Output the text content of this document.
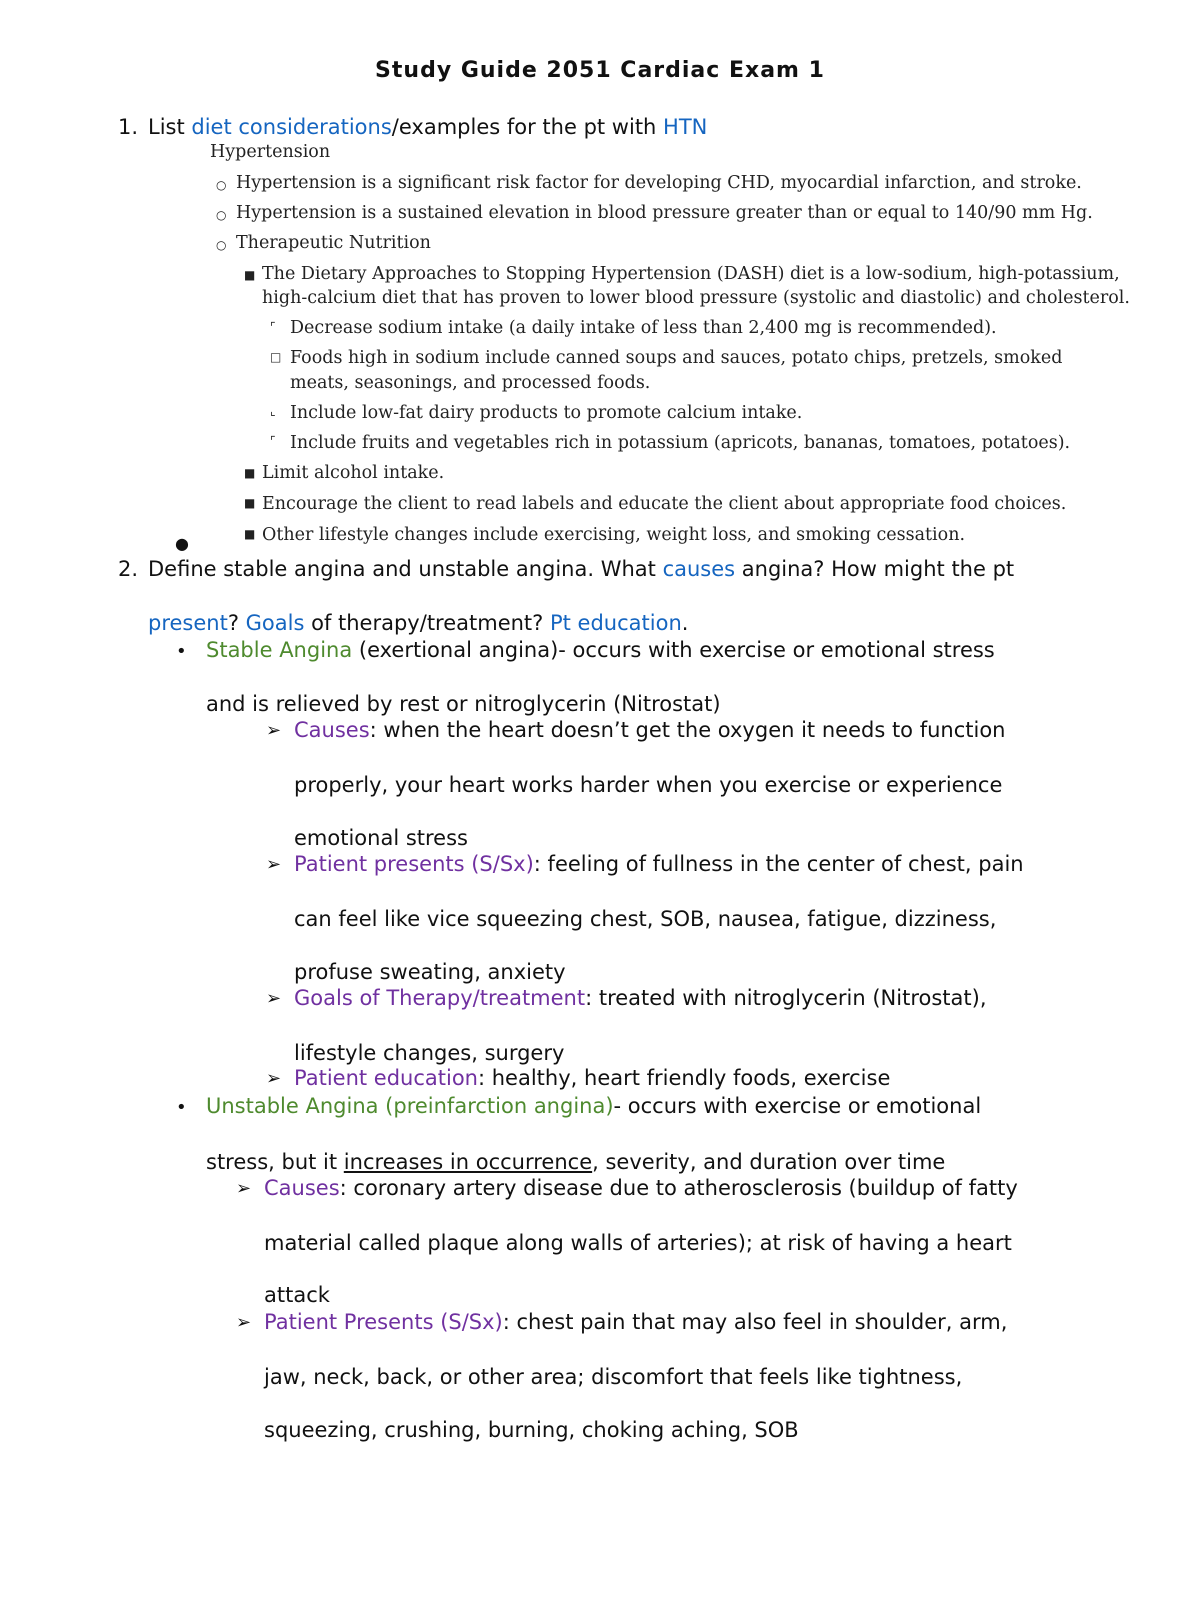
Study Guide 2051 Cardiac Exam 1
1. List diet considerations/examples for the pt with HTN
Hypertension
○ Hypertension is a significant risk factor for developing CHD, myocardial infarction, and stroke.
○ Hypertension is a sustained elevation in blood pressure greater than or equal to 140/90 mm Hg.
○ Therapeutic Nutrition
■ The Dietary Approaches to Stopping Hypertension (DASH) diet is a low-sodium, high-potassium,
high-calcium diet that has proven to lower blood pressure (systolic and diastolic) and cholesterol.
⌜ Decrease sodium intake (a daily intake of less than 2,400 mg is recommended).
□ Foods high in sodium include canned soups and sauces, potato chips, pretzels, smoked
meats, seasonings, and processed foods.
⌞ Include low-fat dairy products to promote calcium intake.
⌜ Include fruits and vegetables rich in potassium (apricots, bananas, tomatoes, potatoes).
■ Limit alcohol intake.
■ Encourage the client to read labels and educate the client about appropriate food choices.
■ Other lifestyle changes include exercising, weight loss, and smoking cessation.
●
2. Define stable angina and unstable angina. What causes angina? How might the pt
present? Goals of therapy/treatment? Pt education.
• Stable Angina (exertional angina)- occurs with exercise or emotional stress
and is relieved by rest or nitroglycerin (Nitrostat)
➢ Causes: when the heart doesn’t get the oxygen it needs to function
properly, your heart works harder when you exercise or experience
emotional stress
➢ Patient presents (S/Sx): feeling of fullness in the center of chest, pain
can feel like vice squeezing chest, SOB, nausea, fatigue, dizziness,
profuse sweating, anxiety
➢ Goals of Therapy/treatment: treated with nitroglycerin (Nitrostat),
lifestyle changes, surgery
➢ Patient education: healthy, heart friendly foods, exercise
• Unstable Angina (preinfarction angina)- occurs with exercise or emotional
stress, but it increases in occurrence, severity, and duration over time
➢ Causes: coronary artery disease due to atherosclerosis (buildup of fatty
material called plaque along walls of arteries); at risk of having a heart
attack
➢ Patient Presents (S/Sx): chest pain that may also feel in shoulder, arm,
jaw, neck, back, or other area; discomfort that feels like tightness,
squeezing, crushing, burning, choking aching, SOB
